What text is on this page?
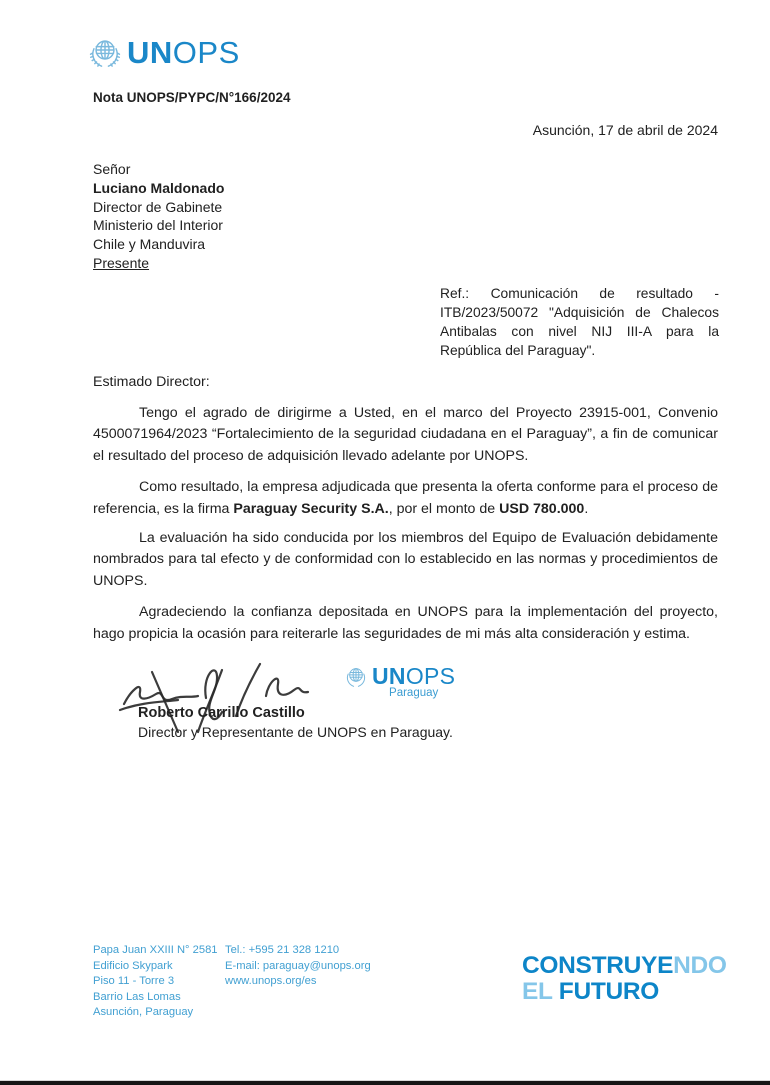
UNOPS
Nota UNOPS/PYPC/N°166/2024
Asunción, 17 de abril de 2024
Señor
Luciano Maldonado
Director de Gabinete
Ministerio del Interior
Chile y Manduvira
Presente
Ref.: Comunicación de resultado - ITB/2023/50072 "Adquisición de Chalecos Antibalas con nivel NIJ III-A para la República del Paraguay".

Estimado Director:

Tengo el agrado de dirigirme a Usted, en el marco del Proyecto 23915-001, Convenio 4500071964/2023 “Fortalecimiento de la seguridad ciudadana en el Paraguay”, a fin de comunicar el resultado del proceso de adquisición llevado adelante por UNOPS.

Como resultado, la empresa adjudicada que presenta la oferta conforme para el proceso de referencia, es la firma Paraguay Security S.A., por el monto de USD 780.000.

La evaluación ha sido conducida por los miembros del Equipo de Evaluación debidamente nombrados para tal efecto y de conformidad con lo establecido en las normas y procedimientos de UNOPS.

Agradeciendo la confianza depositada en UNOPS para la implementación del proyecto, hago propicia la ocasión para reiterarle las seguridades de mi más alta consideración y estima.

Roberto Carrillo Castillo
Director y Representante de UNOPS en Paraguay.
UNOPS
Paraguay
Papa Juan XXIII N° 2581
Edificio Skypark
Piso 11 - Torre 3
Barrio Las Lomas
Asunción, Paraguay
Tel.: +595 21 328 1210
E-mail: paraguay@unops.org
www.unops.org/es
CONSTRUYENDO
EL FUTURO
